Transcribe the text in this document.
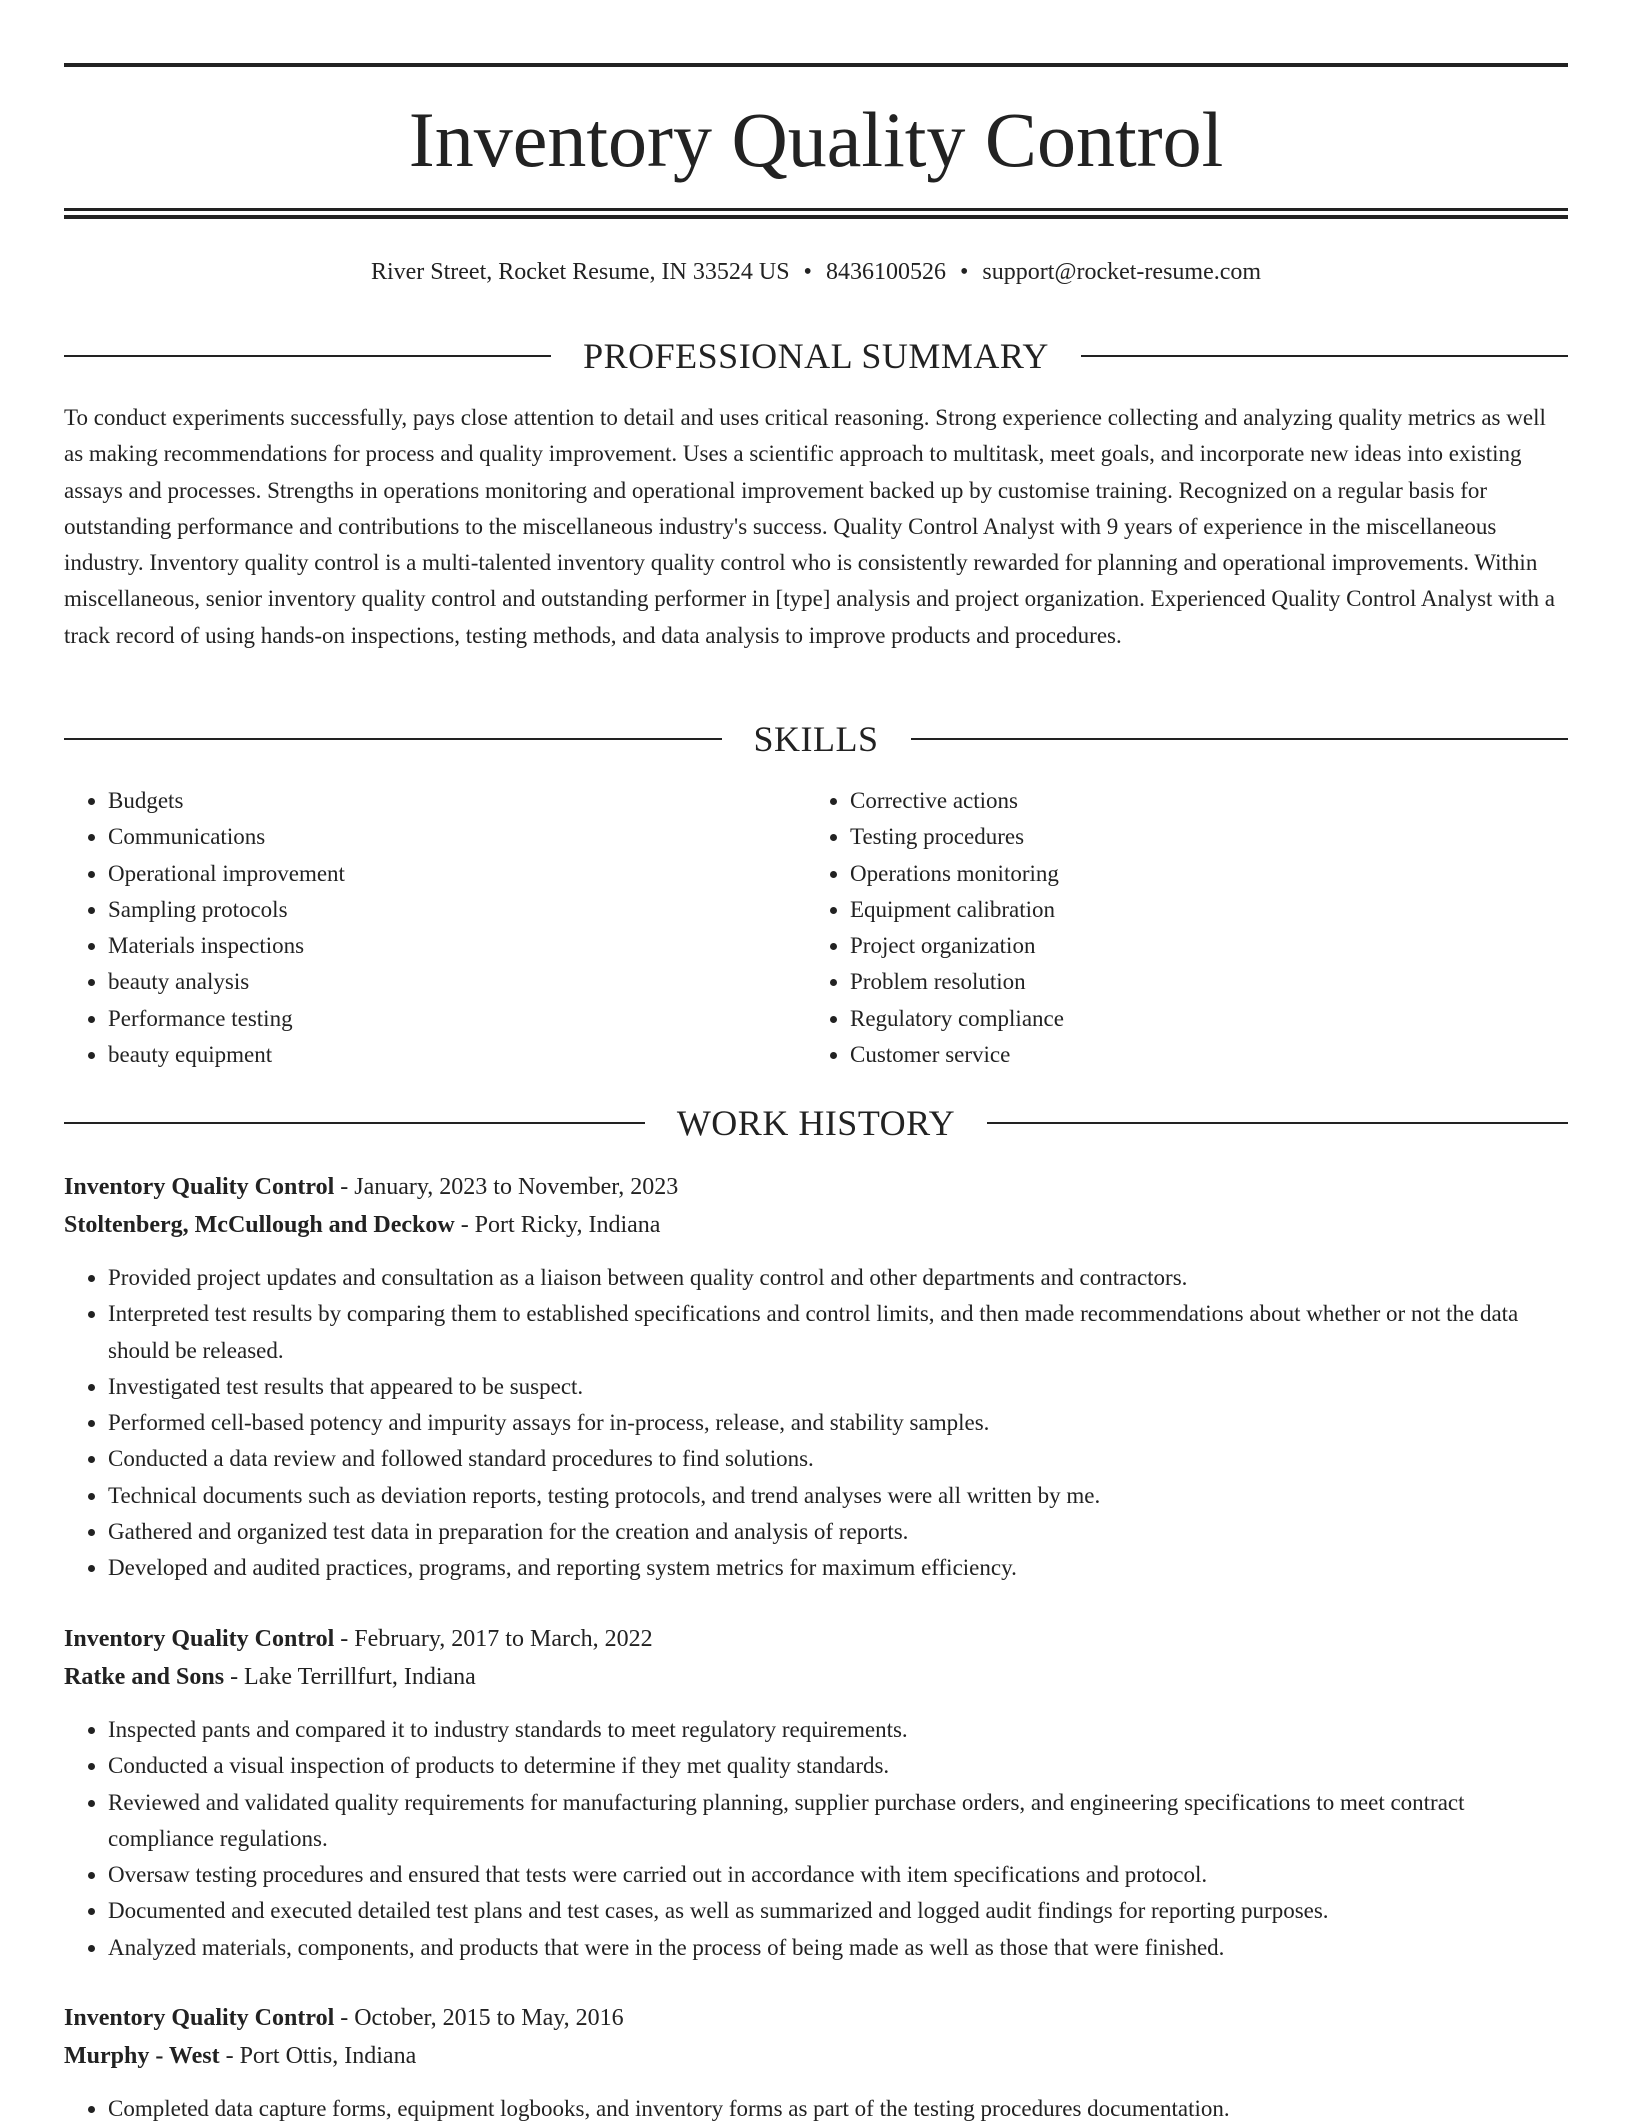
Inventory Quality Control
River Street, Rocket Resume, IN 33524 US • 8436100526 • support@rocket-resume.com
PROFESSIONAL SUMMARY

To conduct experiments successfully, pays close attention to detail and uses critical reasoning. Strong experience collecting and analyzing quality metrics as well as making recommendations for process and quality improvement. Uses a scientific approach to multitask, meet goals, and incorporate new ideas into existing assays and processes. Strengths in operations monitoring and operational improvement backed up by customise training. Recognized on a regular basis for outstanding performance and contributions to the miscellaneous industry's success. Quality Control Analyst with 9 years of experience in the miscellaneous industry. Inventory quality control is a multi-talented inventory quality control who is consistently rewarded for planning and operational improvements. Within miscellaneous, senior inventory quality control and outstanding performer in [type] analysis and project organization. Experienced Quality Control Analyst with a track record of using hands-on inspections, testing methods, and data analysis to improve products and procedures.

SKILLS
• Budgets
• Communications
• Operational improvement
• Sampling protocols
• Materials inspections
• beauty analysis
• Performance testing
• beauty equipment
• Corrective actions
• Testing procedures
• Operations monitoring
• Equipment calibration
• Project organization
• Problem resolution
• Regulatory compliance
• Customer service
WORK HISTORY
Inventory Quality Control - January, 2023 to November, 2023
Stoltenberg, McCullough and Deckow - Port Ricky, Indiana
• Provided project updates and consultation as a liaison between quality control and other departments and contractors.
• Interpreted test results by comparing them to established specifications and control limits, and then made recommendations about whether or not the data should be released.
• Investigated test results that appeared to be suspect.
• Performed cell-based potency and impurity assays for in-process, release, and stability samples.
• Conducted a data review and followed standard procedures to find solutions.
• Technical documents such as deviation reports, testing protocols, and trend analyses were all written by me.
• Gathered and organized test data in preparation for the creation and analysis of reports.
• Developed and audited practices, programs, and reporting system metrics for maximum efficiency.
Inventory Quality Control - February, 2017 to March, 2022
Ratke and Sons - Lake Terrillfurt, Indiana
• Inspected pants and compared it to industry standards to meet regulatory requirements.
• Conducted a visual inspection of products to determine if they met quality standards.
• Reviewed and validated quality requirements for manufacturing planning, supplier purchase orders, and engineering specifications to meet contract compliance regulations.
• Oversaw testing procedures and ensured that tests were carried out in accordance with item specifications and protocol.
• Documented and executed detailed test plans and test cases, as well as summarized and logged audit findings for reporting purposes.
• Analyzed materials, components, and products that were in the process of being made as well as those that were finished.
Inventory Quality Control - October, 2015 to May, 2016
Murphy - West - Port Ottis, Indiana
• Completed data capture forms, equipment logbooks, and inventory forms as part of the testing procedures documentation.
